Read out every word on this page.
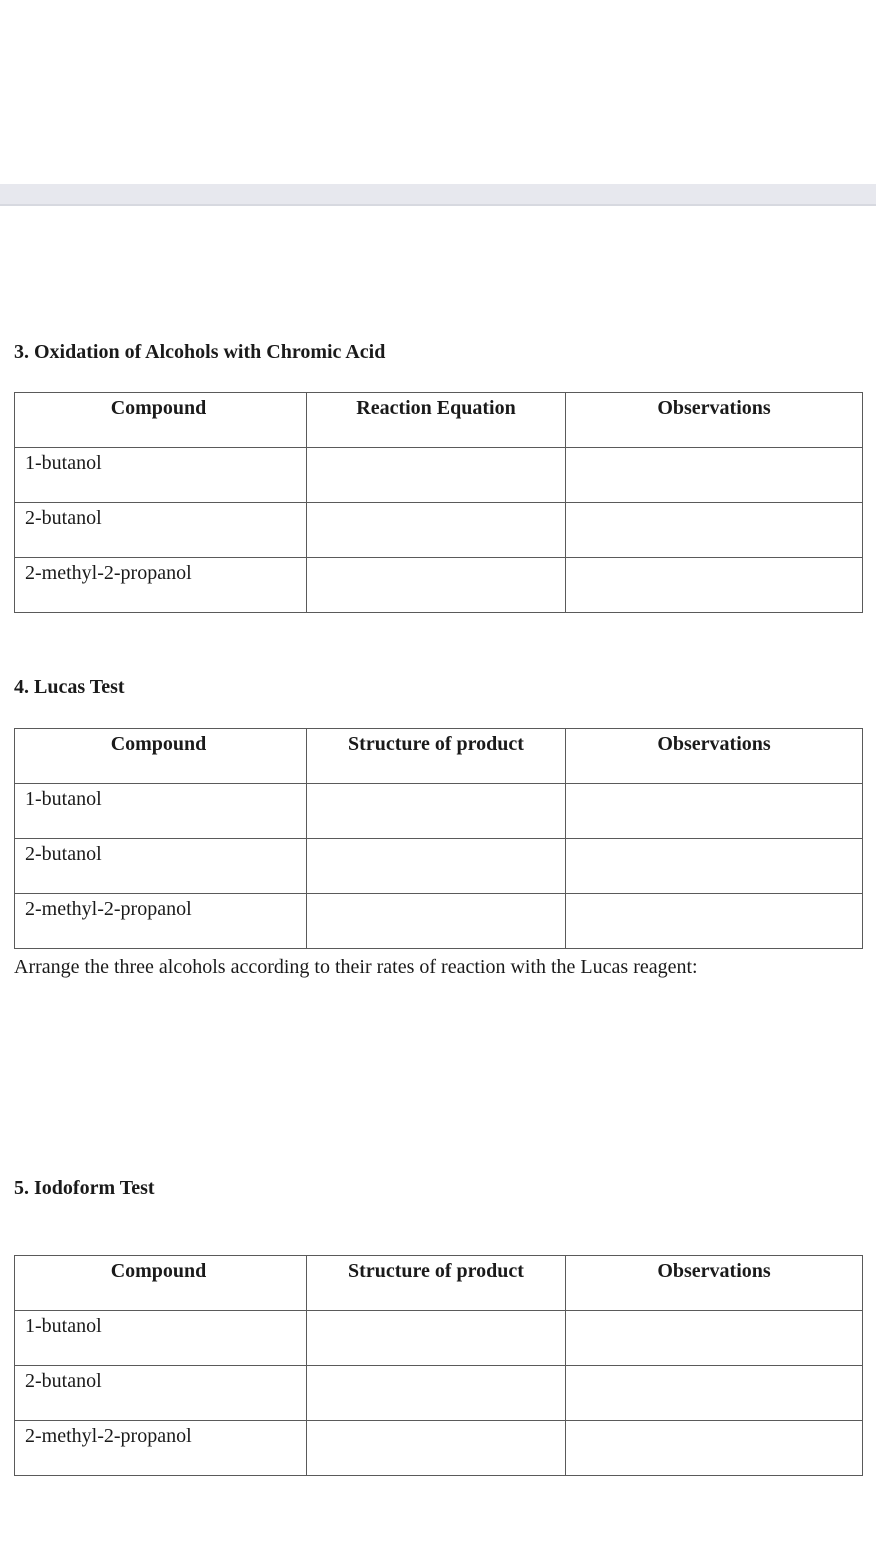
3. Oxidation of Alcohols with Chromic Acid
Compound	Reaction Equation	Observations
1-butanol		
2-butanol		
2-methyl-2-propanol		
4. Lucas Test
Compound	Structure of product	Observations
1-butanol		
2-butanol		
2-methyl-2-propanol		
Arrange the three alcohols according to their rates of reaction with the Lucas reagent:
5. Iodoform Test
Compound	Structure of product	Observations
1-butanol		
2-butanol		
2-methyl-2-propanol		
